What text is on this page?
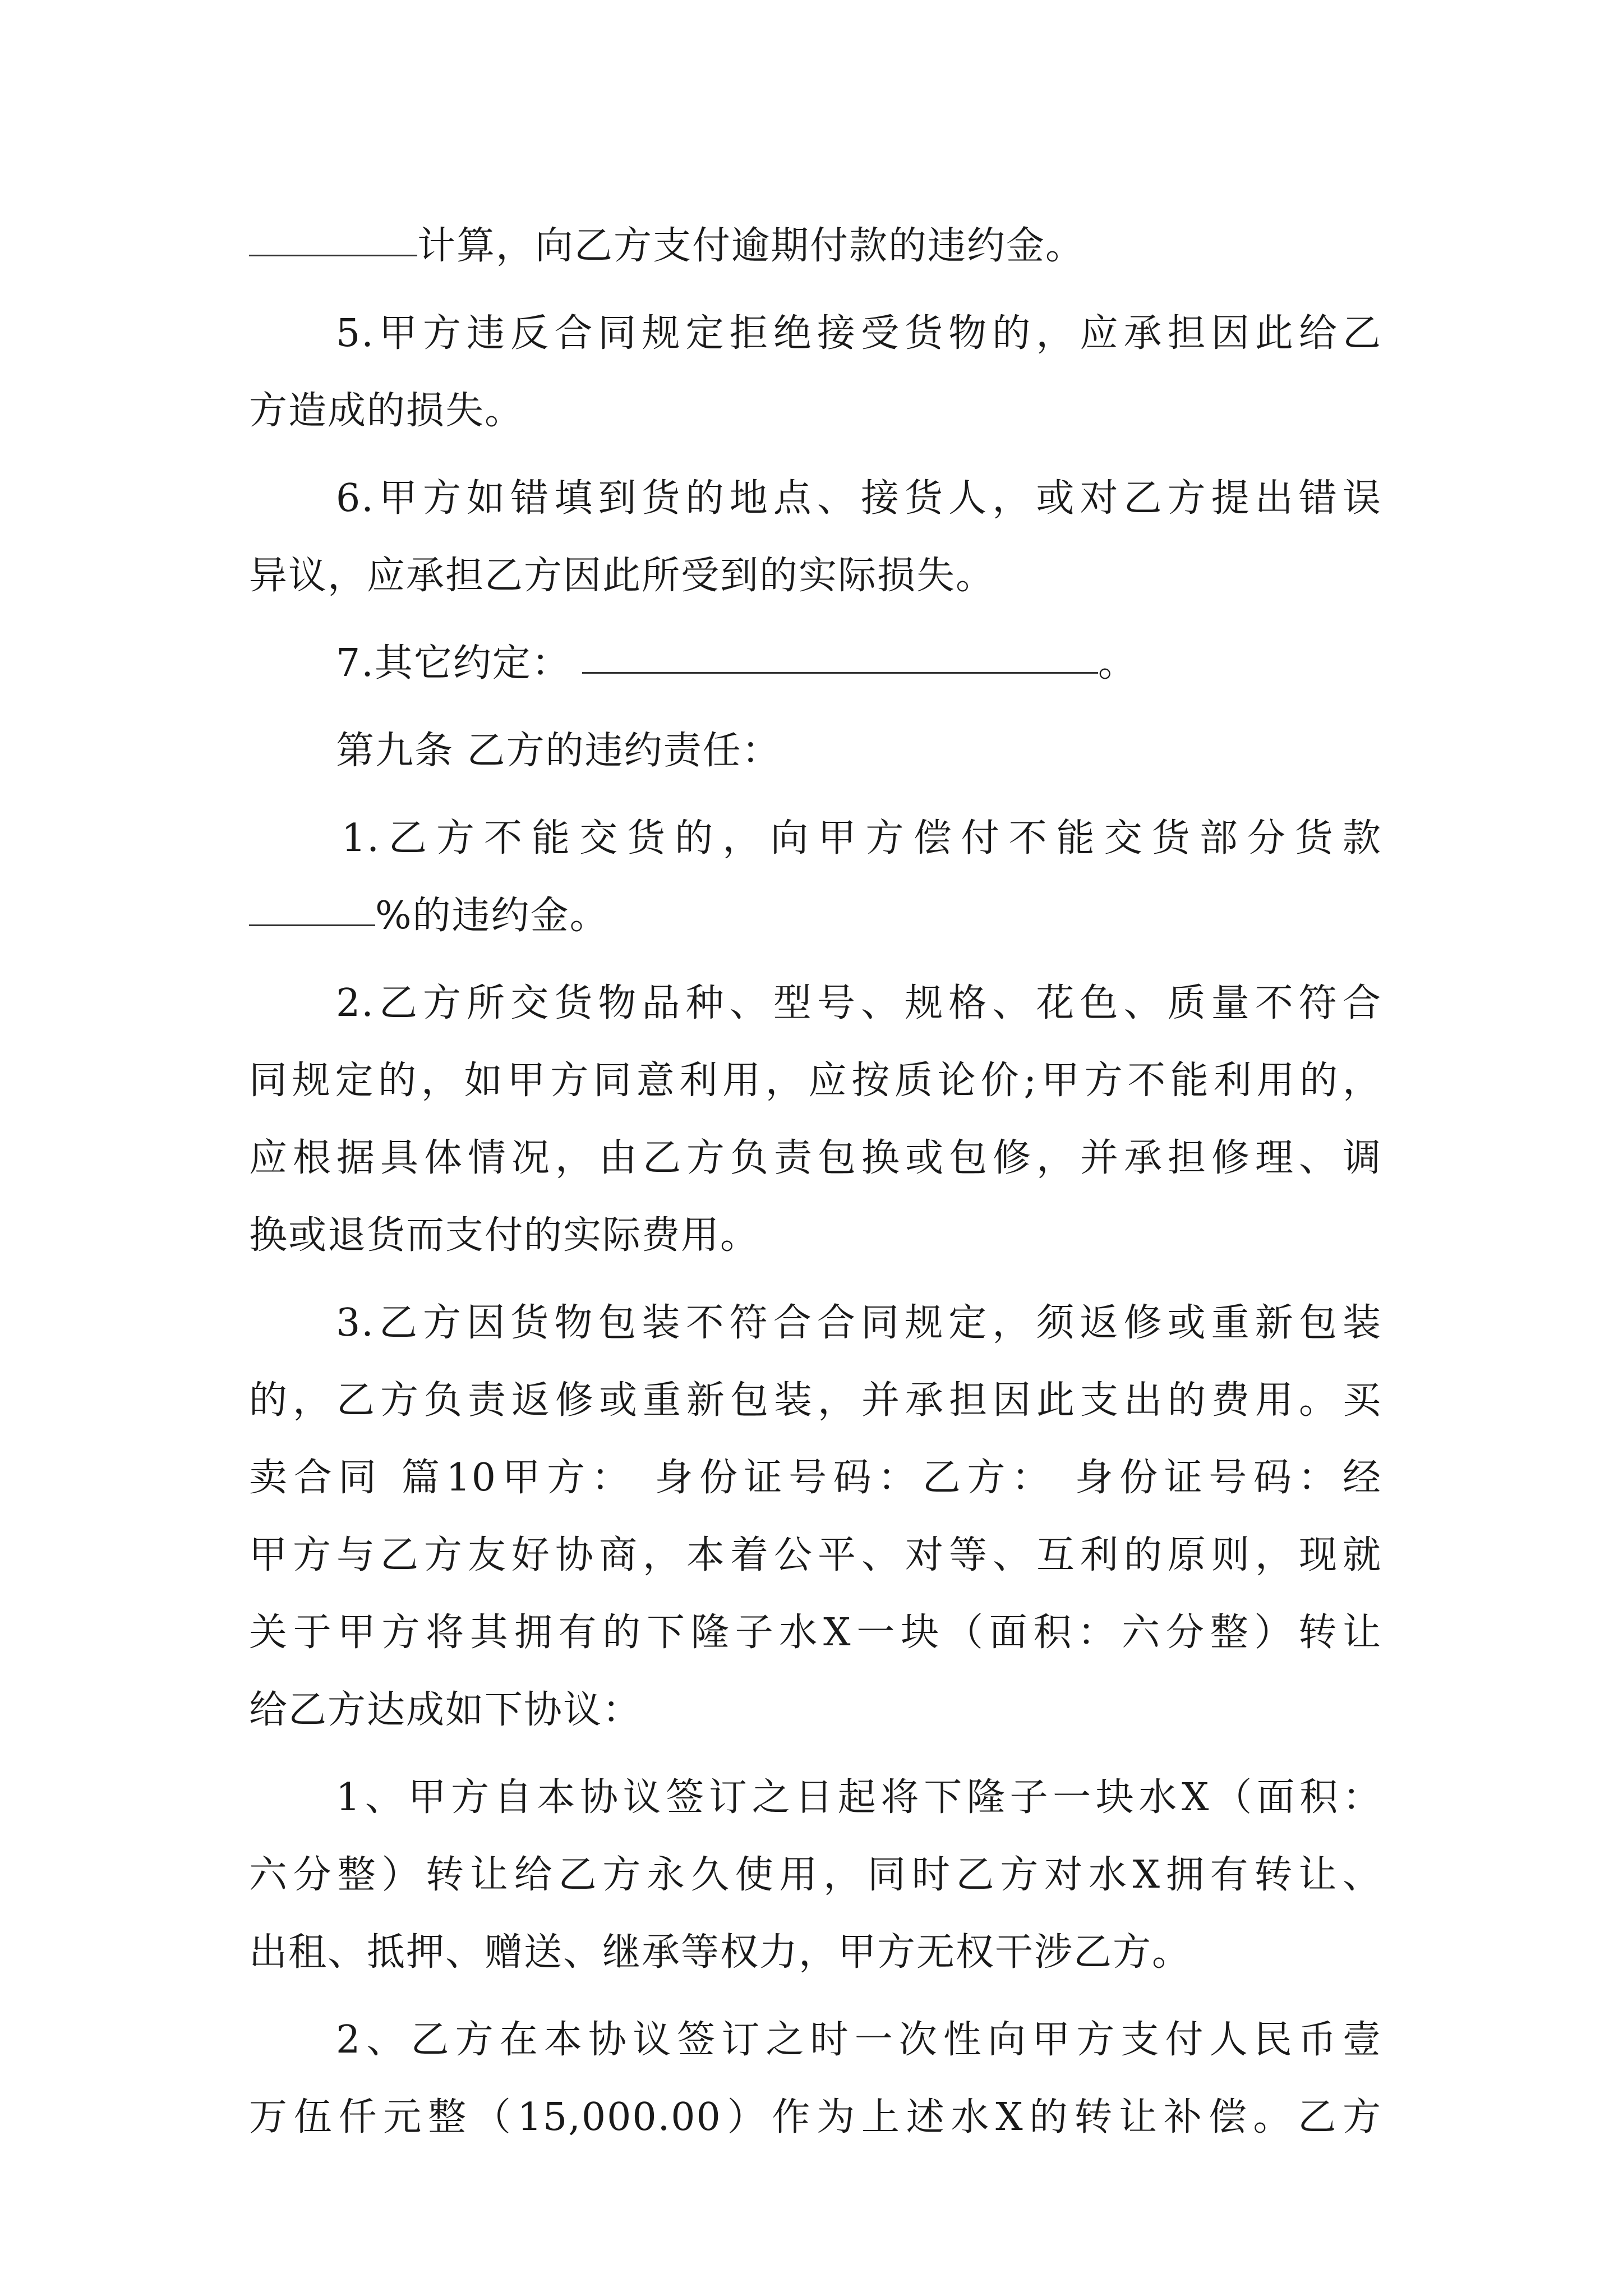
计算，向乙方支付逾期付款的违约金。
5.甲方违反合同规定拒绝接受货物的，应承担因此给乙
方造成的损失。
6.甲方如错填到货的地点、接货人，或对乙方提出错误
异议，应承担乙方因此所受到的实际损失。
7.其它约定：	。
第九条 乙方的违约责任：
1.乙方不能交货的，向甲方偿付不能交货部分货款
%的违约金。
2.乙方所交货物品种、型号、规格、花色、质量不符合
同规定的，如甲方同意利用，应按质论价;甲方不能利用的，
应根据具体情况，由乙方负责包换或包修，并承担修理、调
换或退货而支付的实际费用。
3.乙方因货物包装不符合合同规定，须返修或重新包装
的，乙方负责返修或重新包装，并承担因此支出的费用。买
卖合同 篇10甲方： 身份证号码：乙方： 身份证号码：经
甲方与乙方友好协商，本着公平、对等、互利的原则，现就
关于甲方将其拥有的下隆子水X一块（面积：六分整）转让
给乙方达成如下协议：
1、甲方自本协议签订之日起将下隆子一块水X（面积：
六分整）转让给乙方永久使用，同时乙方对水X拥有转让、
出租、抵押、赠送、继承等权力，甲方无权干涉乙方。
2、乙方在本协议签订之时一次性向甲方支付人民币壹
万伍仟元整（15,000.00）作为上述水X的转让补偿。乙方
